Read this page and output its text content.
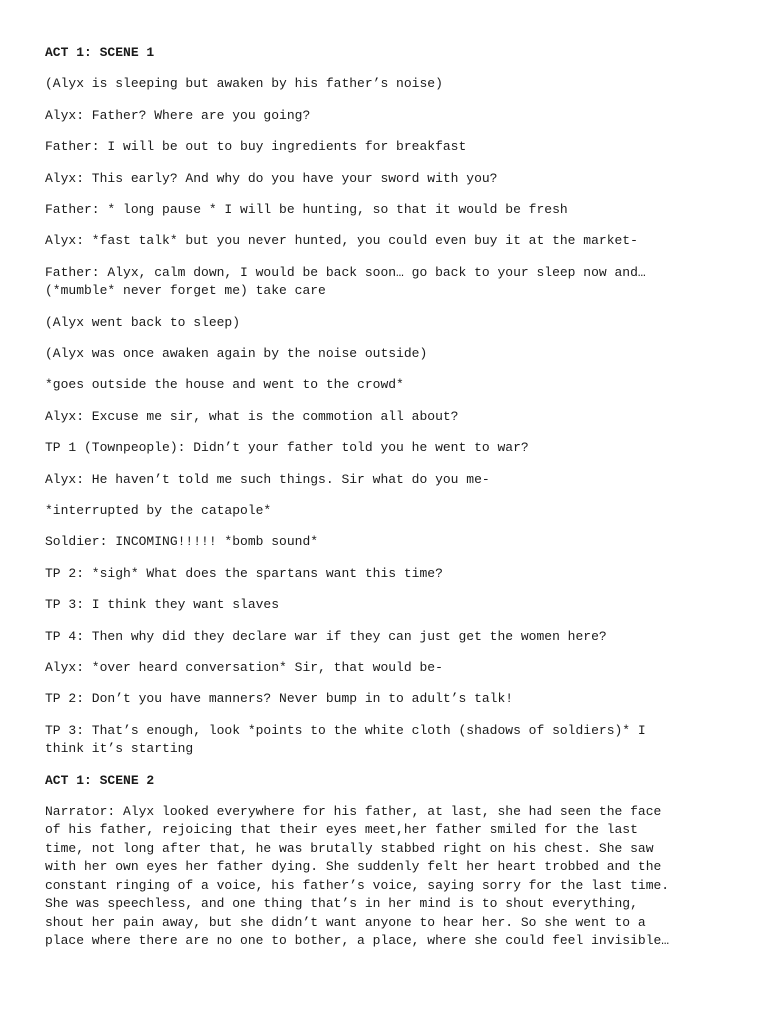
ACT 1: SCENE 1
(Alyx is sleeping but awaken by his father’s noise)
Alyx: Father? Where are you going?
Father: I will be out to buy ingredients for breakfast
Alyx: This early? And why do you have your sword with you?
Father: * long pause * I will be hunting, so that it would be fresh
Alyx: *fast talk* but you never hunted, you could even buy it at the market-
Father: Alyx, calm down, I would be back soon… go back to your sleep now and…
(*mumble* never forget me) take care
(Alyx went back to sleep)
(Alyx was once awaken again by the noise outside)
*goes outside the house and went to the crowd*
Alyx: Excuse me sir, what is the commotion all about?
TP 1 (Townpeople): Didn’t your father told you he went to war?
Alyx: He haven’t told me such things. Sir what do you me-
*interrupted by the catapole*
Soldier: INCOMING!!!!! *bomb sound*
TP 2: *sigh* What does the spartans want this time?
TP 3: I think they want slaves
TP 4: Then why did they declare war if they can just get the women here?
Alyx: *over heard conversation* Sir, that would be-
TP 2: Don’t you have manners? Never bump in to adult’s talk!
TP 3: That’s enough, look *points to the white cloth (shadows of soldiers)* I
think it’s starting
ACT 1: SCENE 2
Narrator: Alyx looked everywhere for his father, at last, she had seen the face
of his father, rejoicing that their eyes meet,her father smiled for the last
time, not long after that, he was brutally stabbed right on his chest. She saw
with her own eyes her father dying. She suddenly felt her heart trobbed and the
constant ringing of a voice, his father’s voice, saying sorry for the last time.
She was speechless, and one thing that’s in her mind is to shout everything,
shout her pain away, but she didn’t want anyone to hear her. So she went to a
place where there are no one to bother, a place, where she could feel invisible…
